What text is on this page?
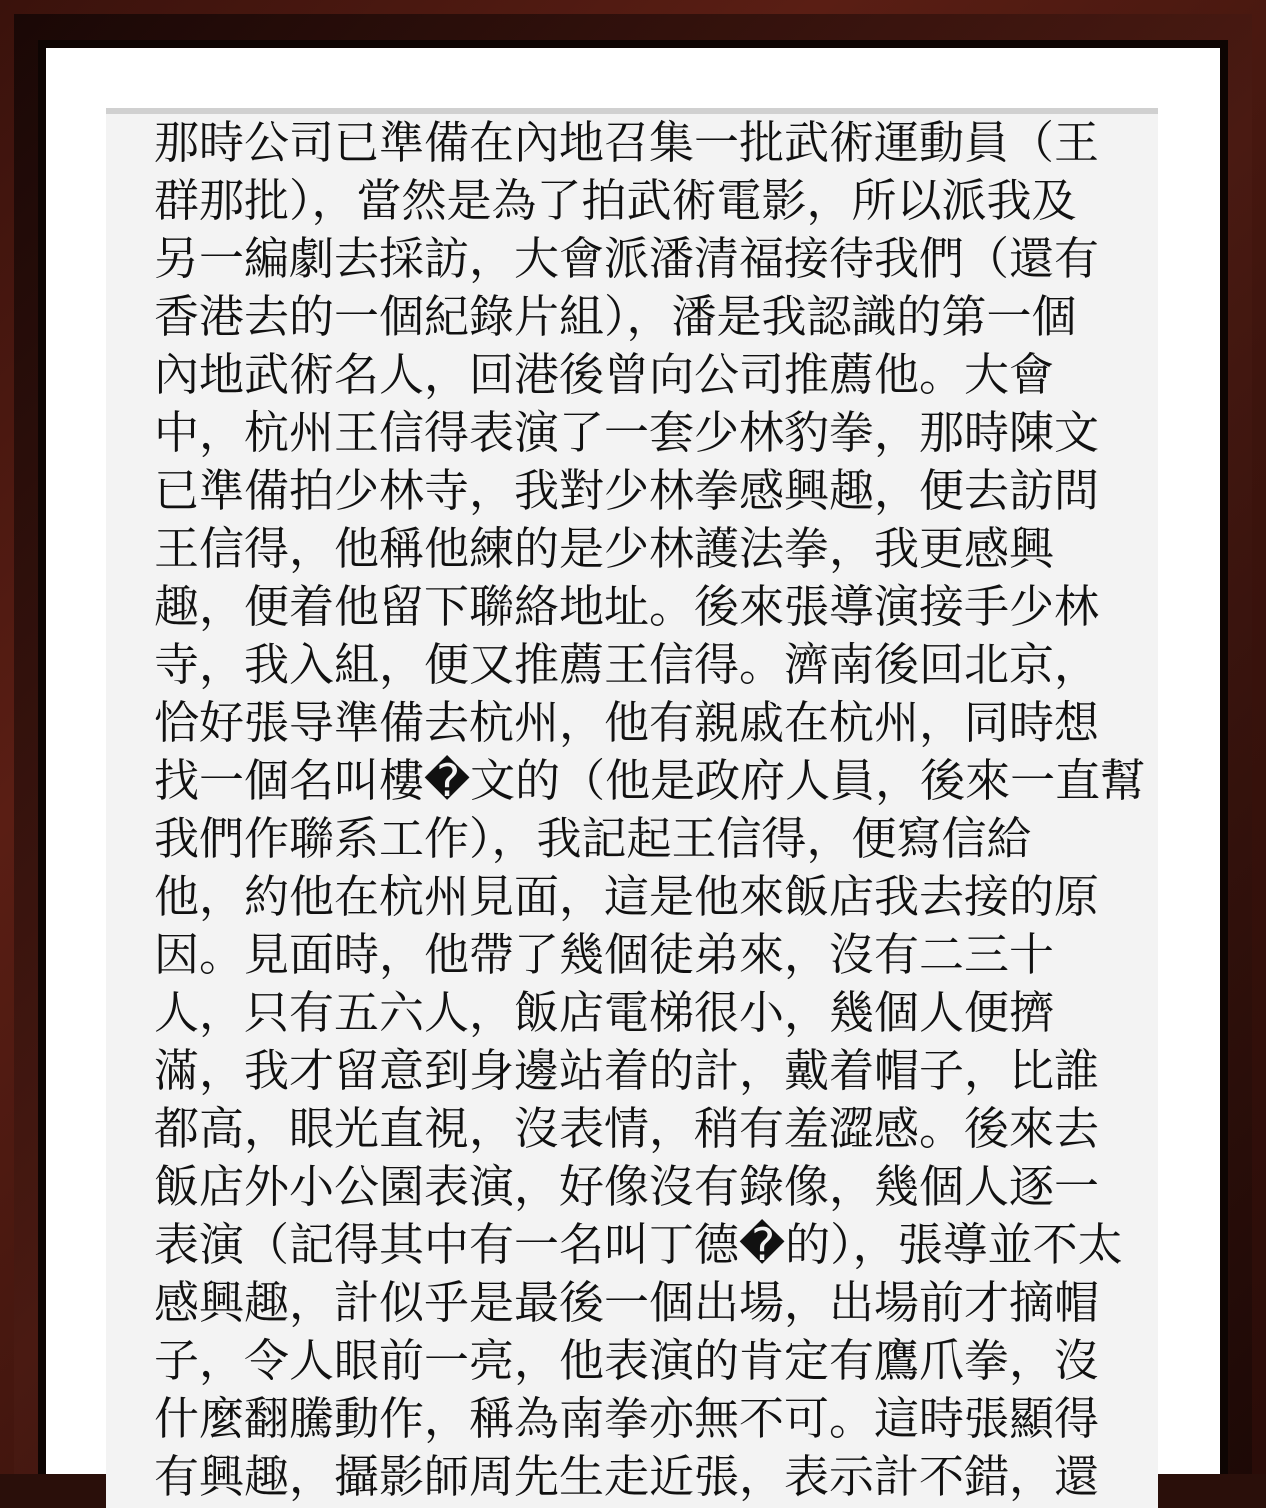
那時公司已準備在內地召集一批武術運動員（王
群那批），當然是為了拍武術電影，所以派我及
另一編劇去採訪，大會派潘清福接待我們（還有
香港去的一個紀錄片組），潘是我認識的第一個
內地武術名人，回港後曾向公司推薦他。大會
中，杭州王信得表演了一套少林豹拳，那時陳文
已準備拍少林寺，我對少林拳感興趣，便去訪問
王信得，他稱他練的是少林護法拳，我更感興
趣，便着他留下聯絡地址。後來張導演接手少林
寺，我入組，便又推薦王信得。濟南後回北京，
恰好張导準備去杭州，他有親戚在杭州，同時想
找一個名叫樓�文的（他是政府人員，後來一直幫
我們作聯系工作），我記起王信得，便寫信給
他，約他在杭州見面，這是他來飯店我去接的原
因。見面時，他帶了幾個徒弟來，沒有二三十
人，只有五六人，飯店電梯很小，幾個人便擠
滿，我才留意到身邊站着的計，戴着帽子，比誰
都高，眼光直視，沒表情，稍有羞澀感。後來去
飯店外小公園表演，好像沒有錄像，幾個人逐一
表演（記得其中有一名叫丁德�的），張導並不太
感興趣，計似乎是最後一個出場，出場前才摘帽
子，令人眼前一亮，他表演的肯定有鷹爪拳，沒
什麼翻騰動作，稱為南拳亦無不可。這時張顯得
有興趣，攝影師周先生走近張，表示計不錯，還
